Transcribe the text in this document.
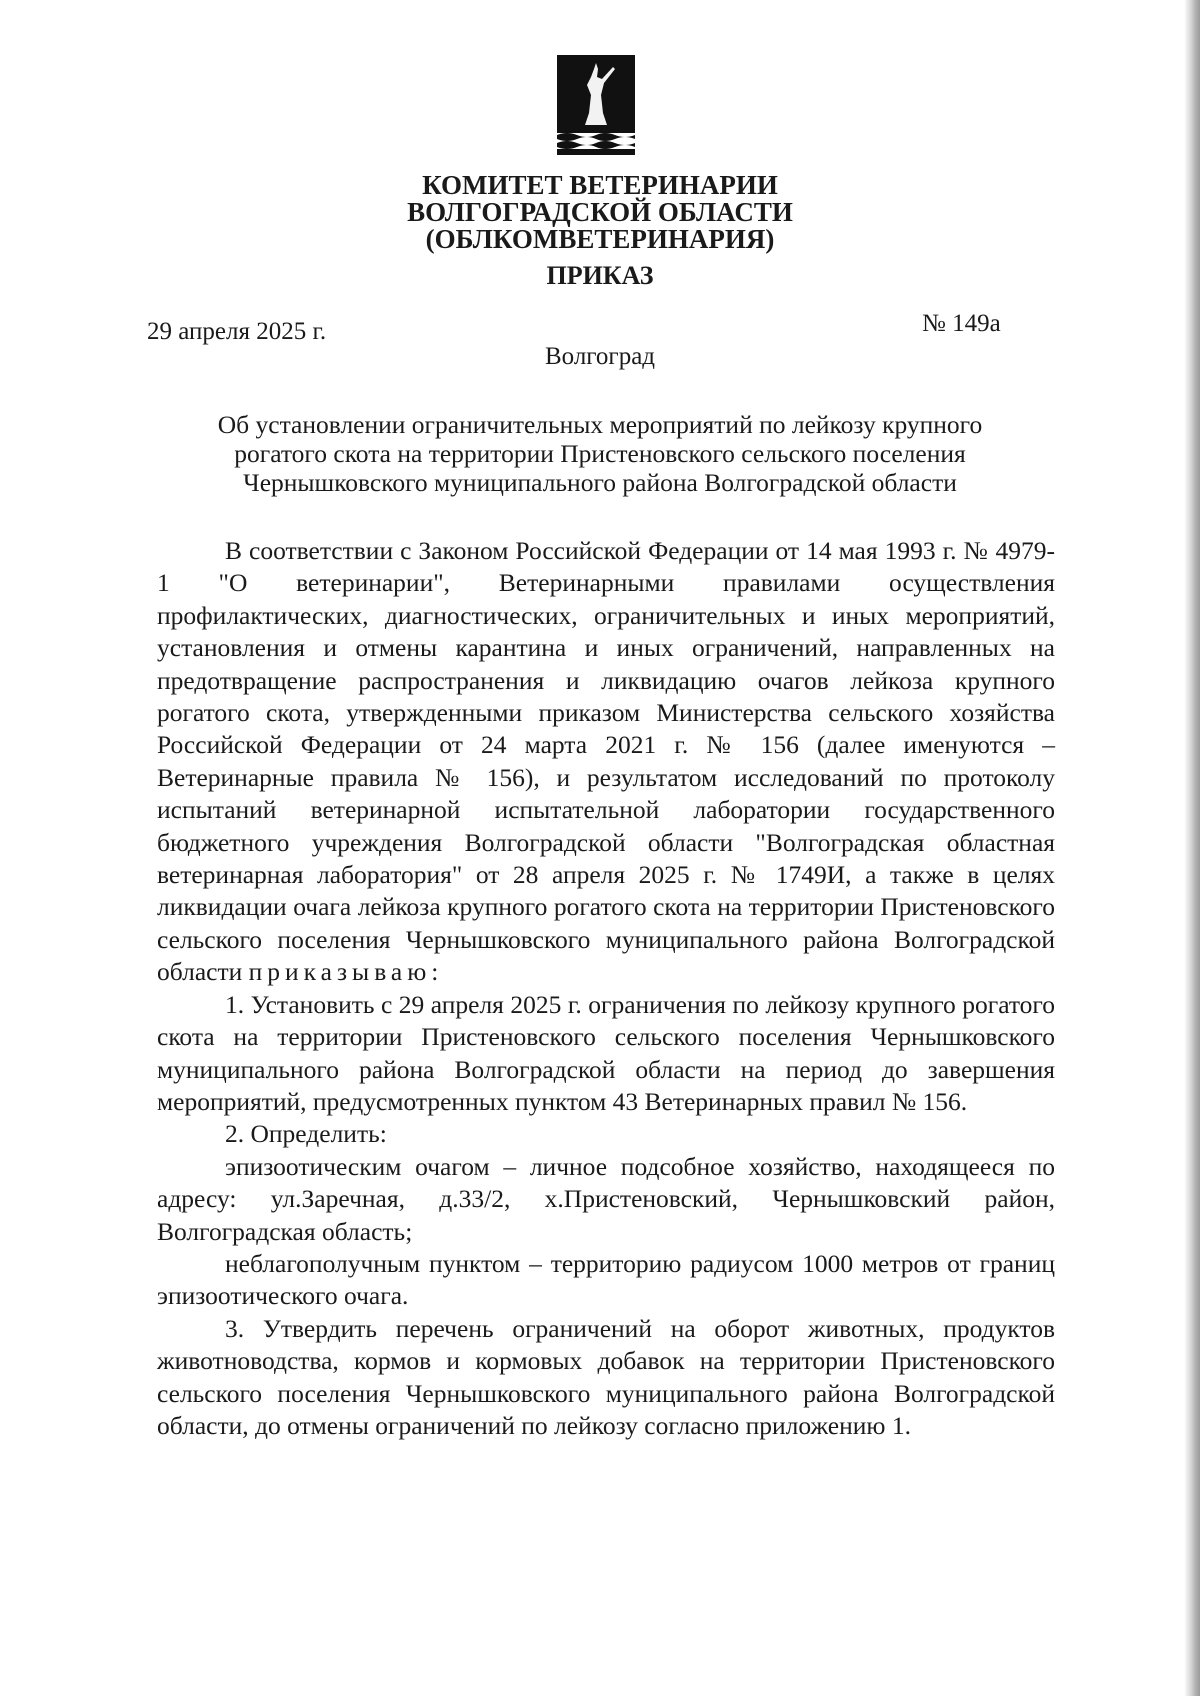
КОМИТЕТ ВЕТЕРИНАРИИ
ВОЛГОГРАДСКОЙ ОБЛАСТИ
(ОБЛКОМВЕТЕРИНАРИЯ)
ПРИКАЗ
29 апреля 2025 г.	№ 149а
Волгоград
Об установлении ограничительных мероприятий по лейкозу крупного
рогатого скота на территории Пристеновского сельского поселения
Чернышковского муниципального района Волгоградской области

В соответствии с Законом Российской Федерации от 14 мая 1993 г. № 4979-1 "О ветеринарии", Ветеринарными правилами осуществления профилактических, диагностических, ограничительных и иных мероприятий, установления и отмены карантина и иных ограничений, направленных на предотвращение распространения и ликвидацию очагов лейкоза крупного рогатого скота, утвержденными приказом Министерства сельского хозяйства Российской Федерации от 24 марта 2021 г. № 156 (далее именуются – Ветеринарные правила № 156), и результатом исследований по протоколу испытаний ветеринарной испытательной лаборатории государственного бюджетного учреждения Волгоградской области "Волгоградская областная ветеринарная лаборатория" от 28 апреля 2025 г. № 1749И, а также в целях ликвидации очага лейкоза крупного рогатого скота на территории Пристеновского сельского поселения Чернышковского муниципального района Волгоградской области приказываю:

1. Установить с 29 апреля 2025 г. ограничения по лейкозу крупного рогатого скота на территории Пристеновского сельского поселения Чернышковского муниципального района Волгоградской области на период до завершения мероприятий, предусмотренных пунктом 43 Ветеринарных правил № 156.

2. Определить:

эпизоотическим очагом – личное подсобное хозяйство, находящееся по адресу: ул.Заречная, д.33/2, х.Пристеновский, Чернышковский район, Волгоградская область;

неблагополучным пунктом – территорию радиусом 1000 метров от границ эпизоотического очага.

3. Утвердить перечень ограничений на оборот животных, продуктов животноводства, кормов и кормовых добавок на территории Пристеновского сельского поселения Чернышковского муниципального района Волгоградской области, до отмены ограничений по лейкозу согласно приложению 1.
